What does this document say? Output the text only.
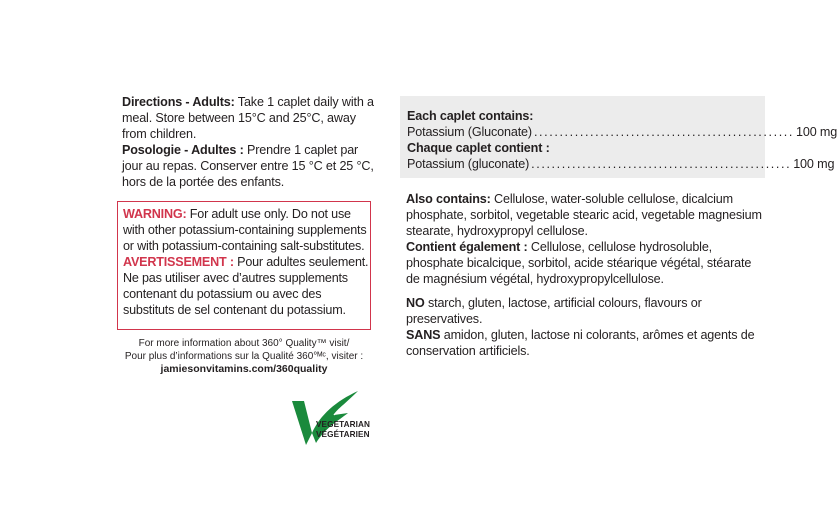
Directions - Adults: Take 1 caplet daily with a meal. Store between 15°C and 25°C, away from children.

Posologie - Adultes : Prendre 1 caplet par jour au repas. Conserver entre 15 °C et 25 °C, hors de la portée des enfants.

WARNING: For adult use only. Do not use with other potassium-containing supplements or with potassium-containing salt-substitutes.

AVERTISSEMENT : Pour adultes seulement. Ne pas utiliser avec d’autres supplements contenant du potassium ou avec des substituts de sel contenant du potassium.

For more information about 360° Quality™ visit/
Pour plus d’informations sur la Qualité 360°ᴹᶜ, visiter :
jamiesonvitamins.com/360quality
VEGETARIAN
VÉGÉTARIEN
Each caplet contains:
Potassium (Gluconate) ................................................... 100 mg
Chaque caplet contient :
Potassium (gluconate) ................................................... 100 mg

Also contains: Cellulose, water-soluble cellulose, dicalcium phosphate, sorbitol, vegetable stearic acid, vegetable magnesium stearate, hydroxypropyl cellulose.

Contient également : Cellulose, cellulose hydrosoluble, phosphate bicalcique, sorbitol, acide stéarique végétal, stéarate de magnésium végétal, hydroxypropylcellulose.

NO starch, gluten, lactose, artificial colours, flavours or preservatives.

SANS amidon, gluten, lactose ni colorants, arômes et agents de conservation artificiels.
